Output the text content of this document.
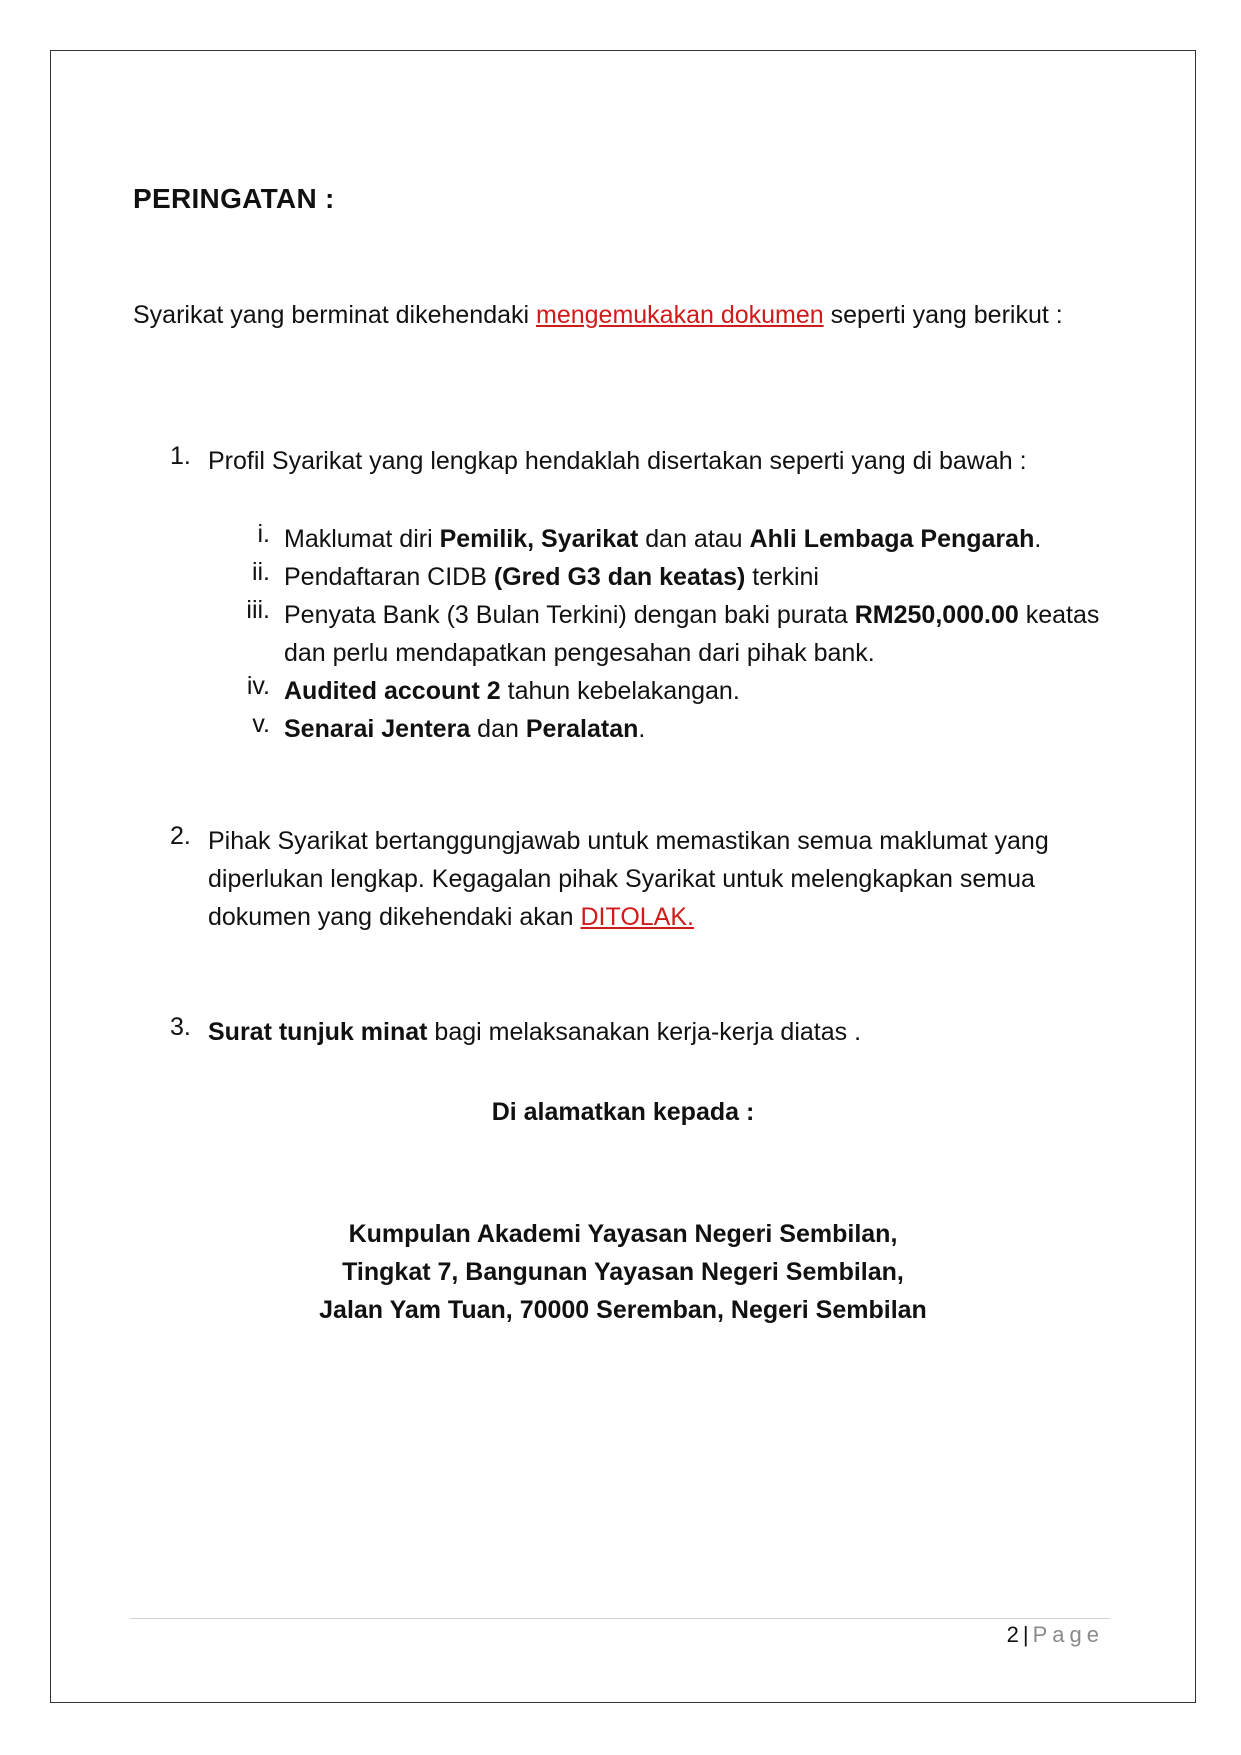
PERINGATAN :
Syarikat yang berminat dikehendaki mengemukakan dokumen seperti yang berikut :
1. Profil Syarikat yang lengkap hendaklah disertakan seperti yang di bawah :
i. Maklumat diri Pemilik, Syarikat dan atau Ahli Lembaga Pengarah.
ii. Pendaftaran CIDB (Gred G3 dan keatas) terkini
iii. Penyata Bank (3 Bulan Terkini) dengan baki purata RM250,000.00 keatas dan perlu mendapatkan pengesahan dari pihak bank.
iv. Audited account 2 tahun kebelakangan.
v. Senarai Jentera dan Peralatan.
2. Pihak Syarikat bertanggungjawab untuk memastikan semua maklumat yang diperlukan lengkap. Kegagalan pihak Syarikat untuk melengkapkan semua dokumen yang dikehendaki akan DITOLAK.
3. Surat tunjuk minat bagi melaksanakan kerja-kerja diatas .
Di alamatkan kepada :
Kumpulan Akademi Yayasan Negeri Sembilan,
Tingkat 7, Bangunan Yayasan Negeri Sembilan,
Jalan Yam Tuan, 70000 Seremban, Negeri Sembilan
2 | Page
